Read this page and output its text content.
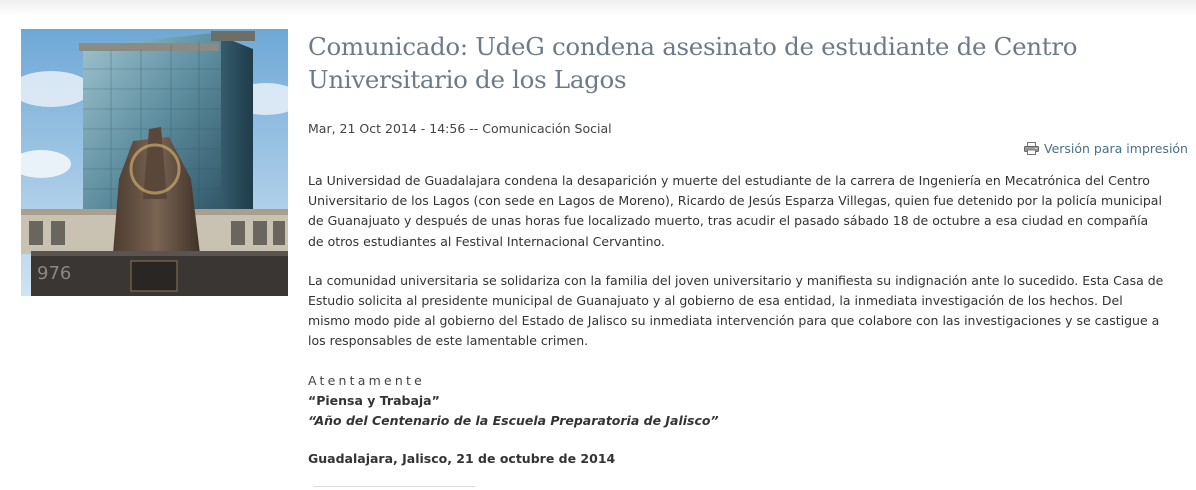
976
Comunicado: UdeG condena asesinato de estudiante de Centro Universitario de los Lagos
Mar, 21 Oct 2014 - 14:56 -- Comunicación Social
Versión para impresión

La Universidad de Guadalajara condena la desaparición y muerte del estudiante de la carrera de Ingeniería en Mecatrónica del Centro Universitario de los Lagos (con sede en Lagos de Moreno), Ricardo de Jesús Esparza Villegas, quien fue detenido por la policía municipal de Guanajuato y después de unas horas fue localizado muerto, tras acudir el pasado sábado 18 de octubre a esa ciudad en compañía de otros estudiantes al Festival Internacional Cervantino.

La comunidad universitaria se solidariza con la familia del joven universitario y manifiesta su indignación ante lo sucedido. Esta Casa de Estudio solicita al presidente municipal de Guanajuato y al gobierno de esa entidad, la inmediata investigación de los hechos. Del mismo modo pide al gobierno del Estado de Jalisco su inmediata intervención para que colabore con las investigaciones y se castigue a los responsables de este lamentable crimen.

Atentamente
“Piensa y Trabaja”
“Año del Centenario de la Escuela Preparatoria de Jalisco”
Guadalajara, Jalisco, 21 de octubre de 2014
